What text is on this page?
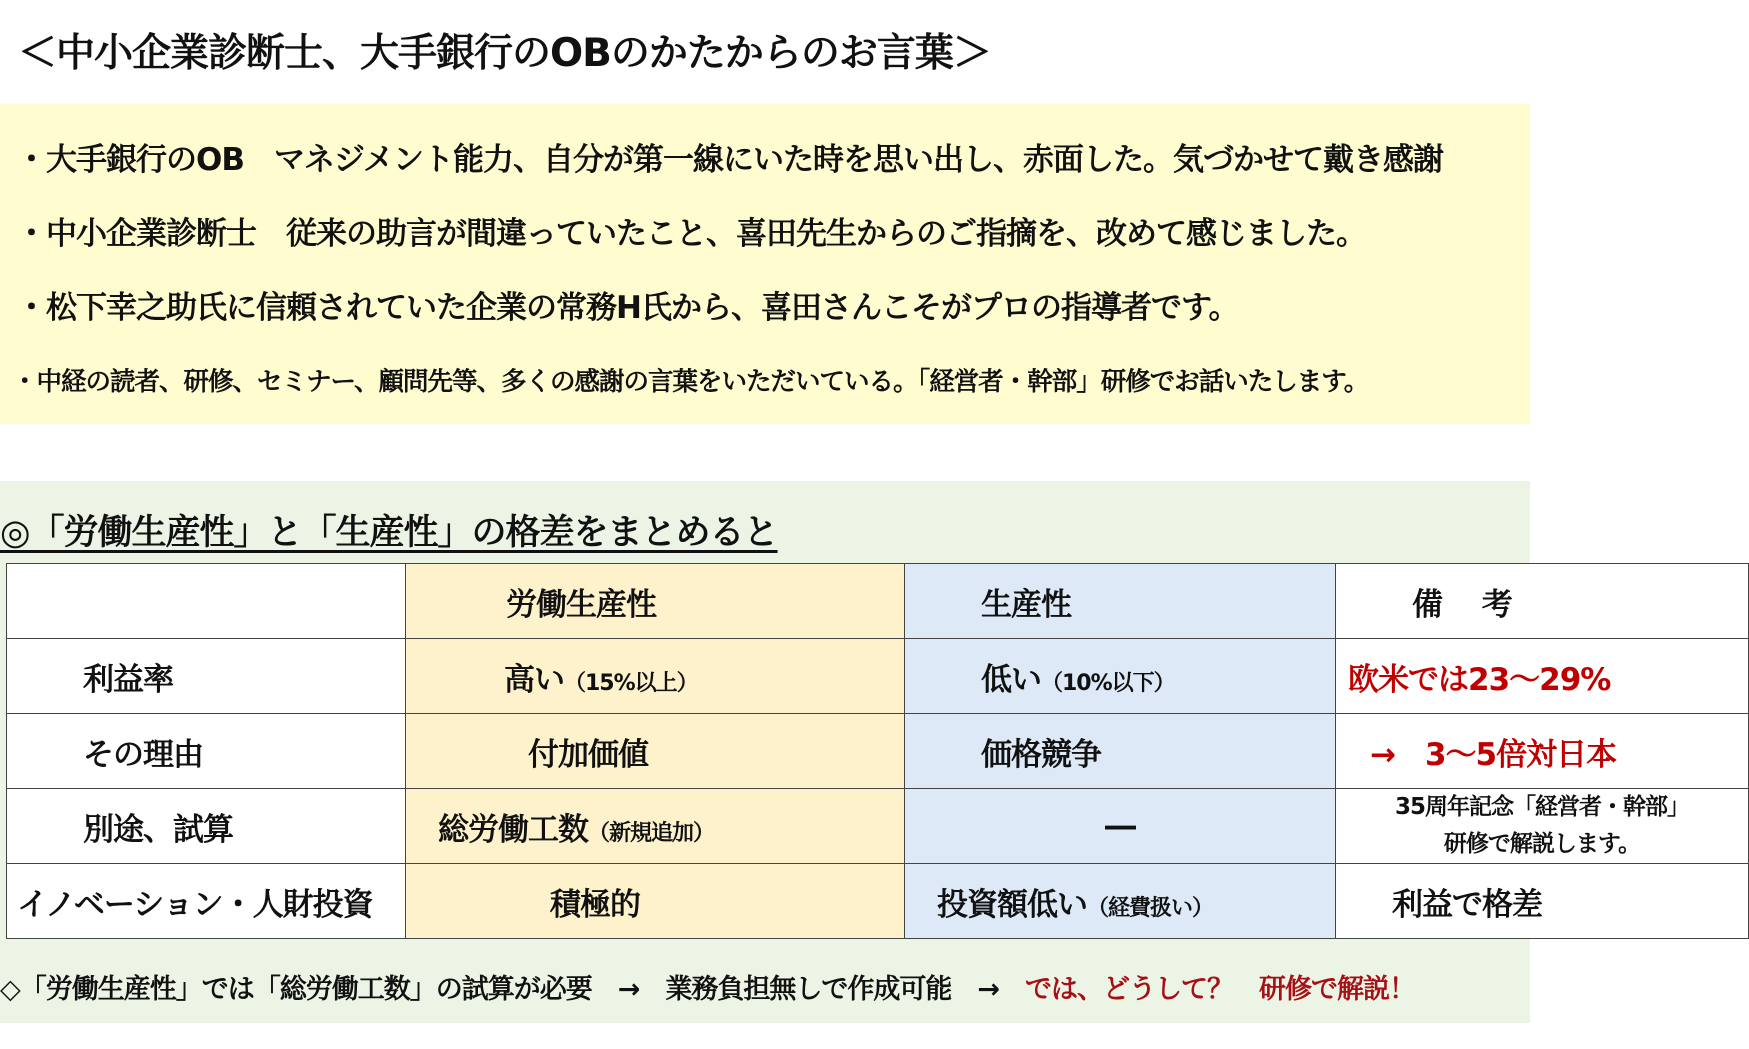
＜中小企業診断士、大手銀行のOBのかたからのお言葉＞
・大手銀行のOB　マネジメント能力、自分が第一線にいた時を思い出し、赤面した。気づかせて戴き感謝
・中小企業診断士　従来の助言が間違っていたこと、喜田先生からのご指摘を、改めて感じました。
・松下幸之助氏に信頼されていた企業の常務H氏から、喜田さんこそがプロの指導者です。
・中経の読者、研修、セミナー、顧問先等、多くの感謝の言葉をいただいている。「経営者・幹部」研修でお話いたします。
◎「労働生産性」と「生産性」の格差をまとめると
	労働生産性	生産性	備　 考
利益率	高い（15%以上）	低い（10%以下）	欧米では23～29%
その理由	付加価値	価格競争	→　3～5倍対日本
別途、試算	総労働工数（新規追加）	―	35周年記念「経営者・幹部」
研修で解説します。

イノベーション・人財投資	積極的	投資額低い（経費扱い）	利益で格差
◇「労働生産性」では「総労働工数」の試算が必要　→　業務負担無しで作成可能　→　では、どうして？　研修で解説！
